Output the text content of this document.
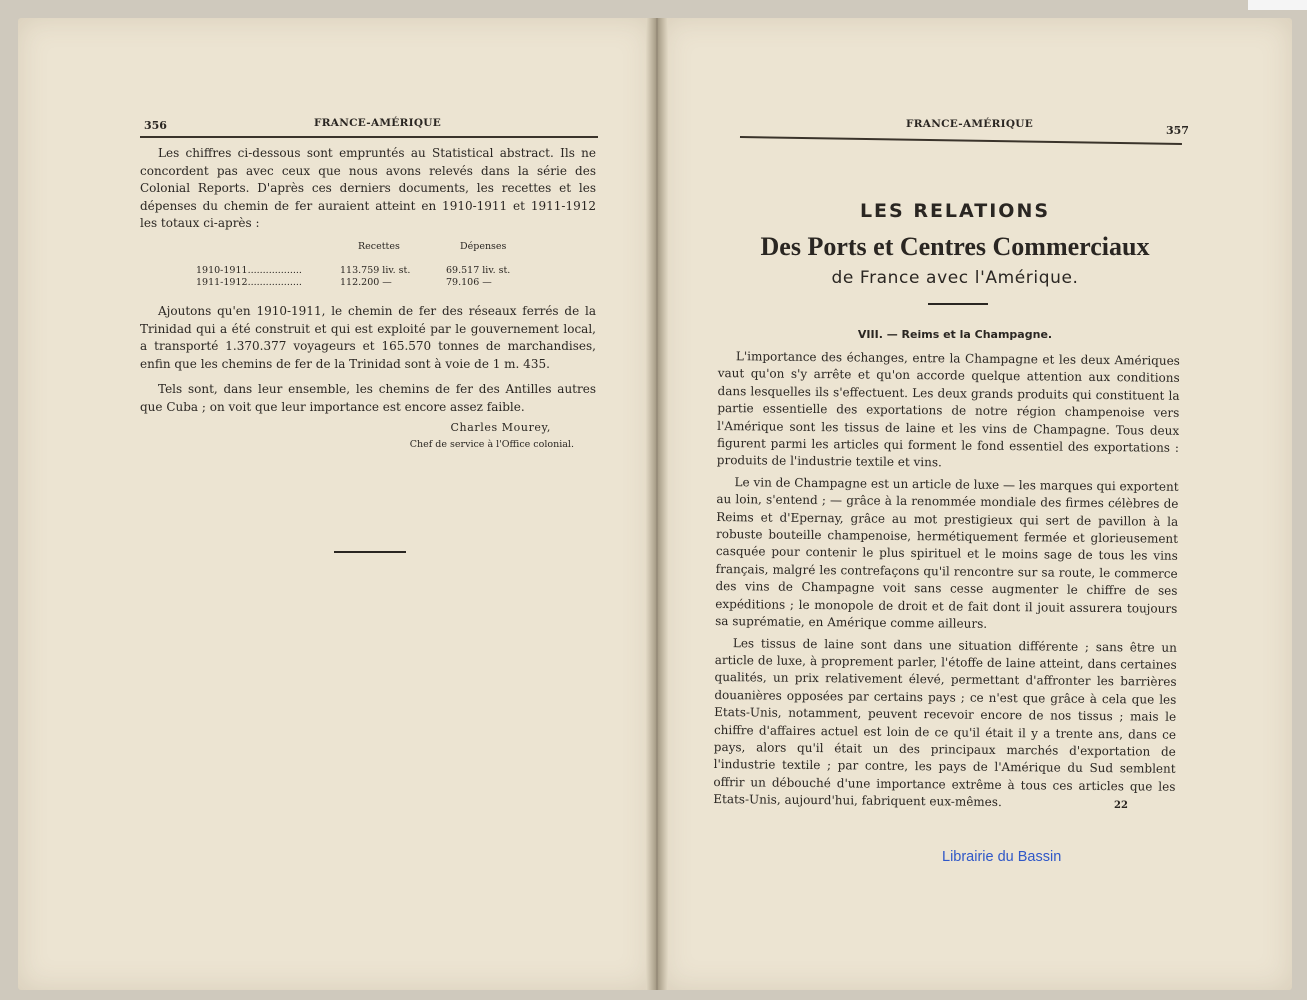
356	FRANCE-AMÉRIQUE

Les chiffres ci-dessous sont empruntés au Statistical abstract. Ils ne concordent pas avec ceux que nous avons relevés dans la série des Colonial Reports. D'après ces derniers documents, les recettes et les dépenses du chemin de fer auraient atteint en 1910-1911 et 1911-1912 les totaux ci-après :

Recettes	Dépenses
1910-1911..................	113.759 liv. st.	69.517 liv. st.
1911-1912..................	112.200 —	79.106 —

Ajoutons qu'en 1910-1911, le chemin de fer des réseaux ferrés de la Trinidad qui a été construit et qui est exploité par le gouvernement local, a transporté 1.370.377 voyageurs et 165.570 tonnes de marchandises, enfin que les chemins de fer de la Trinidad sont à voie de 1 m. 435.

Tels sont, dans leur ensemble, les chemins de fer des Antilles autres que Cuba ; on voit que leur importance est encore assez faible.

Charles Mourey,
Chef de service à l'Office colonial.
FRANCE-AMÉRIQUE	357
LES RELATIONS
Des Ports et Centres Commerciaux
de France avec l'Amérique.
VIII. — Reims et la Champagne.

L'importance des échanges, entre la Champagne et les deux Amériques vaut qu'on s'y arrête et qu'on accorde quelque attention aux conditions dans lesquelles ils s'effectuent. Les deux grands produits qui constituent la partie essentielle des exportations de notre région champenoise vers l'Amérique sont les tissus de laine et les vins de Champagne. Tous deux figurent parmi les articles qui forment le fond essentiel des exportations : produits de l'industrie textile et vins.

Le vin de Champagne est un article de luxe — les marques qui exportent au loin, s'entend ; — grâce à la renommée mondiale des firmes célèbres de Reims et d'Epernay, grâce au mot prestigieux qui sert de pavillon à la robuste bouteille champenoise, hermétiquement fermée et glorieusement casquée pour contenir le plus spirituel et le moins sage de tous les vins français, malgré les contrefaçons qu'il rencontre sur sa route, le commerce des vins de Champagne voit sans cesse augmenter le chiffre de ses expéditions ; le monopole de droit et de fait dont il jouit assurera toujours sa suprématie, en Amérique comme ailleurs.

Les tissus de laine sont dans une situation différente ; sans être un article de luxe, à proprement parler, l'étoffe de laine atteint, dans certaines qualités, un prix relativement élevé, permettant d'affronter les barrières douanières opposées par certains pays ; ce n'est que grâce à cela que les Etats-Unis, notamment, peuvent recevoir encore de nos tissus ; mais le chiffre d'affaires actuel est loin de ce qu'il était il y a trente ans, dans ce pays, alors qu'il était un des principaux marchés d'exportation de l'industrie textile ; par contre, les pays de l'Amérique du Sud semblent offrir un débouché d'une importance extrême à tous ces articles que les Etats-Unis, aujourd'hui, fabriquent eux-mêmes.	22
Librairie du Bassin
